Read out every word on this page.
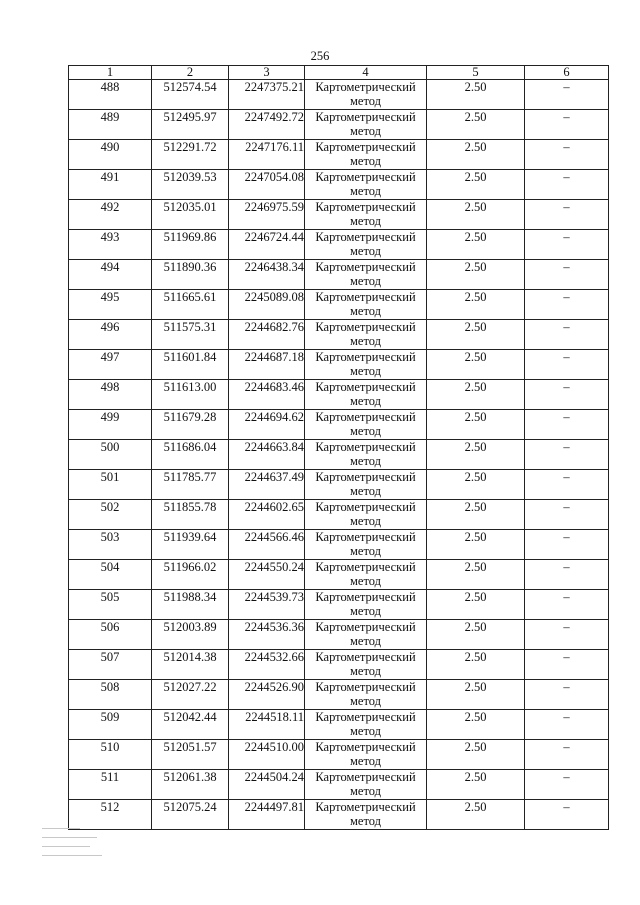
256
1	2	3	4	5	6
488	512574.54	2247375.21	Картометрический
метод	2.50	–
489	512495.97	2247492.72	Картометрический
метод	2.50	–
490	512291.72	2247176.11	Картометрический
метод	2.50	–
491	512039.53	2247054.08	Картометрический
метод	2.50	–
492	512035.01	2246975.59	Картометрический
метод	2.50	–
493	511969.86	2246724.44	Картометрический
метод	2.50	–
494	511890.36	2246438.34	Картометрический
метод	2.50	–
495	511665.61	2245089.08	Картометрический
метод	2.50	–
496	511575.31	2244682.76	Картометрический
метод	2.50	–
497	511601.84	2244687.18	Картометрический
метод	2.50	–
498	511613.00	2244683.46	Картометрический
метод	2.50	–
499	511679.28	2244694.62	Картометрический
метод	2.50	–
500	511686.04	2244663.84	Картометрический
метод	2.50	–
501	511785.77	2244637.49	Картометрический
метод	2.50	–
502	511855.78	2244602.65	Картометрический
метод	2.50	–
503	511939.64	2244566.46	Картометрический
метод	2.50	–
504	511966.02	2244550.24	Картометрический
метод	2.50	–
505	511988.34	2244539.73	Картометрический
метод	2.50	–
506	512003.89	2244536.36	Картометрический
метод	2.50	–
507	512014.38	2244532.66	Картометрический
метод	2.50	–
508	512027.22	2244526.90	Картометрический
метод	2.50	–
509	512042.44	2244518.11	Картометрический
метод	2.50	–
510	512051.57	2244510.00	Картометрический
метод	2.50	–
511	512061.38	2244504.24	Картометрический
метод	2.50	–
512	512075.24	2244497.81	Картометрический
метод	2.50	–
